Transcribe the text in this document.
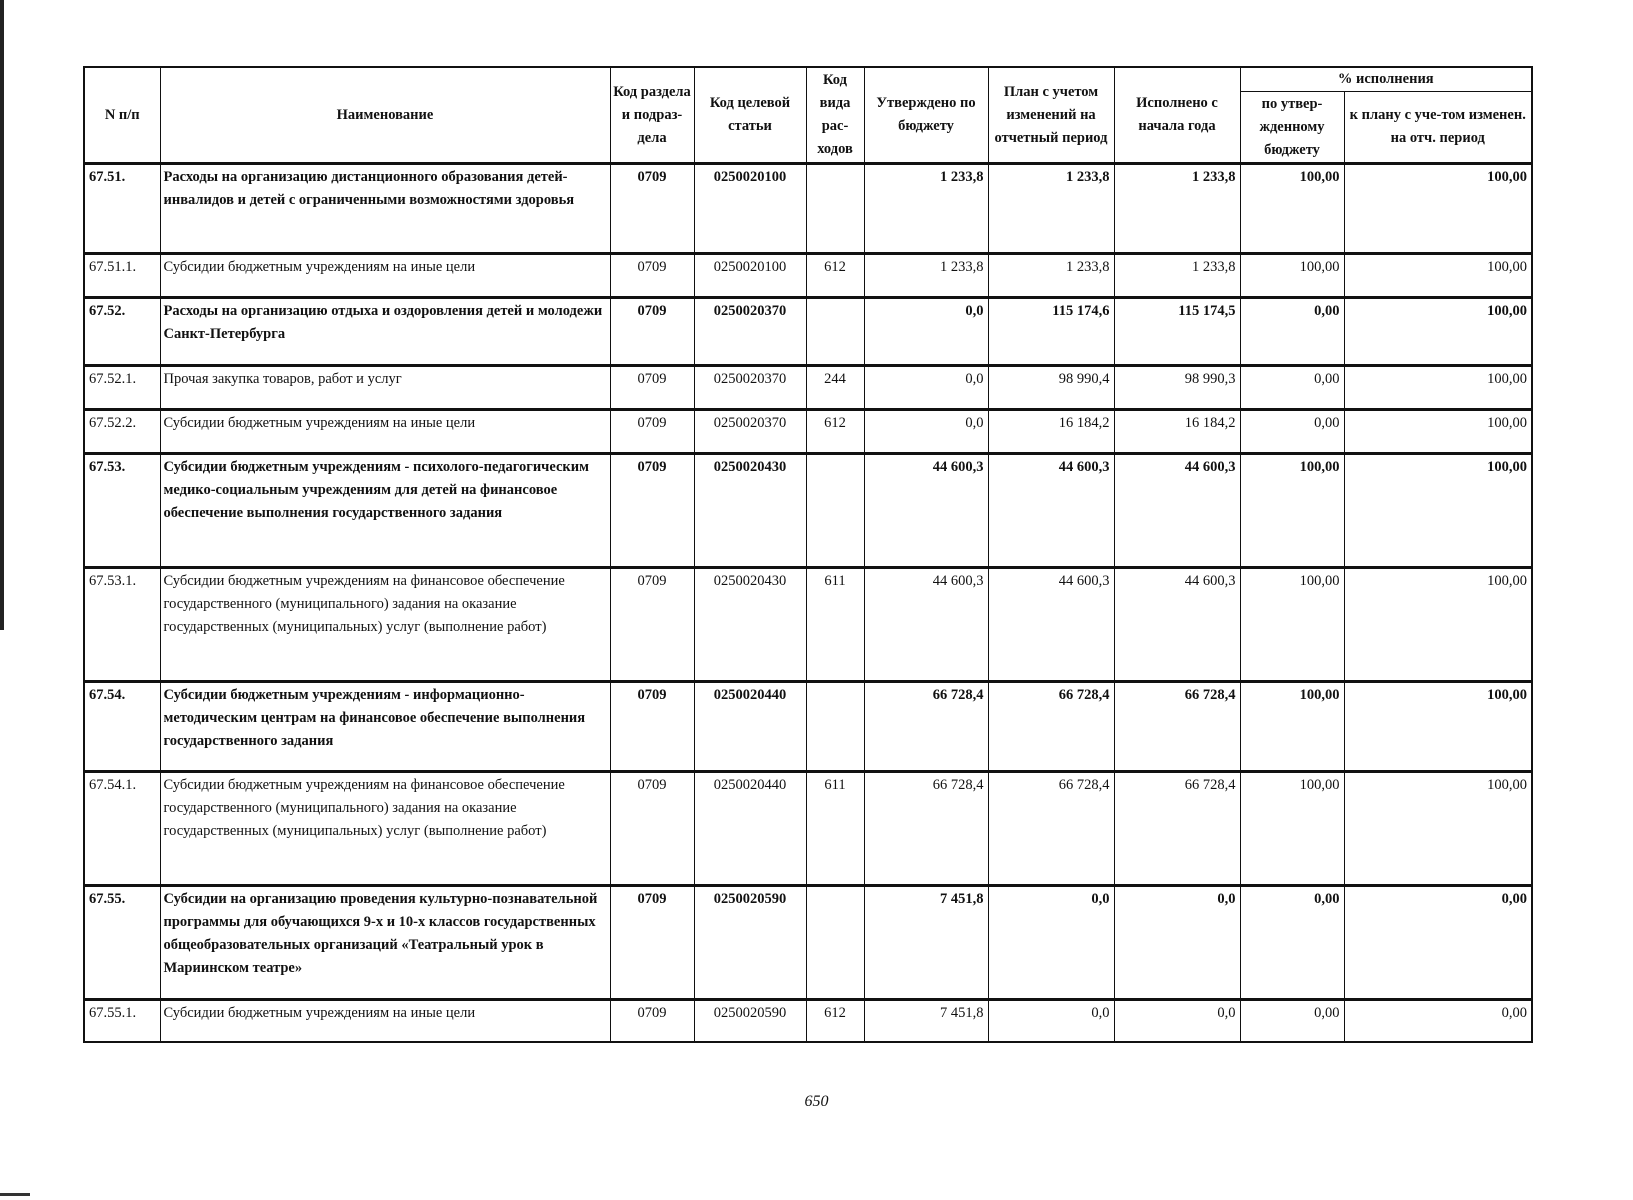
N п/п	Наименование	Код раздела и подраз-дела	Код целевой статьи	Код вида рас-ходов	Утверждено по бюджету	План с учетом изменений на отчетный период	Исполнено с начала года	% исполнения	
								по утвер-жденному бюджету	к плану с уче-том изменен. на отч. период
67.51.	Расходы на организацию дистанционного образования детей-инвалидов и детей с ограниченными возможностями здоровья	0709	0250020100		1 233,8	1 233,8	1 233,8	100,00	100,00
67.51.1.	Субсидии бюджетным учреждениям на иные цели	0709	0250020100	612	1 233,8	1 233,8	1 233,8	100,00	100,00
67.52.	Расходы на организацию отдыха и оздоровления детей и молодежи Санкт-Петербурга	0709	0250020370		0,0	115 174,6	115 174,5	0,00	100,00
67.52.1.	Прочая закупка товаров, работ и услуг	0709	0250020370	244	0,0	98 990,4	98 990,3	0,00	100,00
67.52.2.	Субсидии бюджетным учреждениям на иные цели	0709	0250020370	612	0,0	16 184,2	16 184,2	0,00	100,00
67.53.	Субсидии бюджетным учреждениям - психолого-педагогическим медико-социальным учреждениям для детей на финансовое обеспечение выполнения государственного задания	0709	0250020430		44 600,3	44 600,3	44 600,3	100,00	100,00
67.53.1.	Субсидии бюджетным учреждениям на финансовое обеспечение государственного (муниципального) задания на оказание государственных (муниципальных) услуг (выполнение работ)	0709	0250020430	611	44 600,3	44 600,3	44 600,3	100,00	100,00
67.54.	Субсидии бюджетным учреждениям - информационно-методическим центрам на финансовое обеспечение выполнения государственного задания	0709	0250020440		66 728,4	66 728,4	66 728,4	100,00	100,00
67.54.1.	Субсидии бюджетным учреждениям на финансовое обеспечение государственного (муниципального) задания на оказание государственных (муниципальных) услуг (выполнение работ)	0709	0250020440	611	66 728,4	66 728,4	66 728,4	100,00	100,00
67.55.	Субсидии на организацию проведения культурно-познавательной программы для обучающихся 9-х и 10-х классов государственных общеобразовательных организаций «Театральный урок в Мариинском театре»	0709	0250020590		7 451,8	0,0	0,0	0,00	0,00
67.55.1.	Субсидии бюджетным учреждениям на иные цели	0709	0250020590	612	7 451,8	0,0	0,0	0,00	0,00
650
